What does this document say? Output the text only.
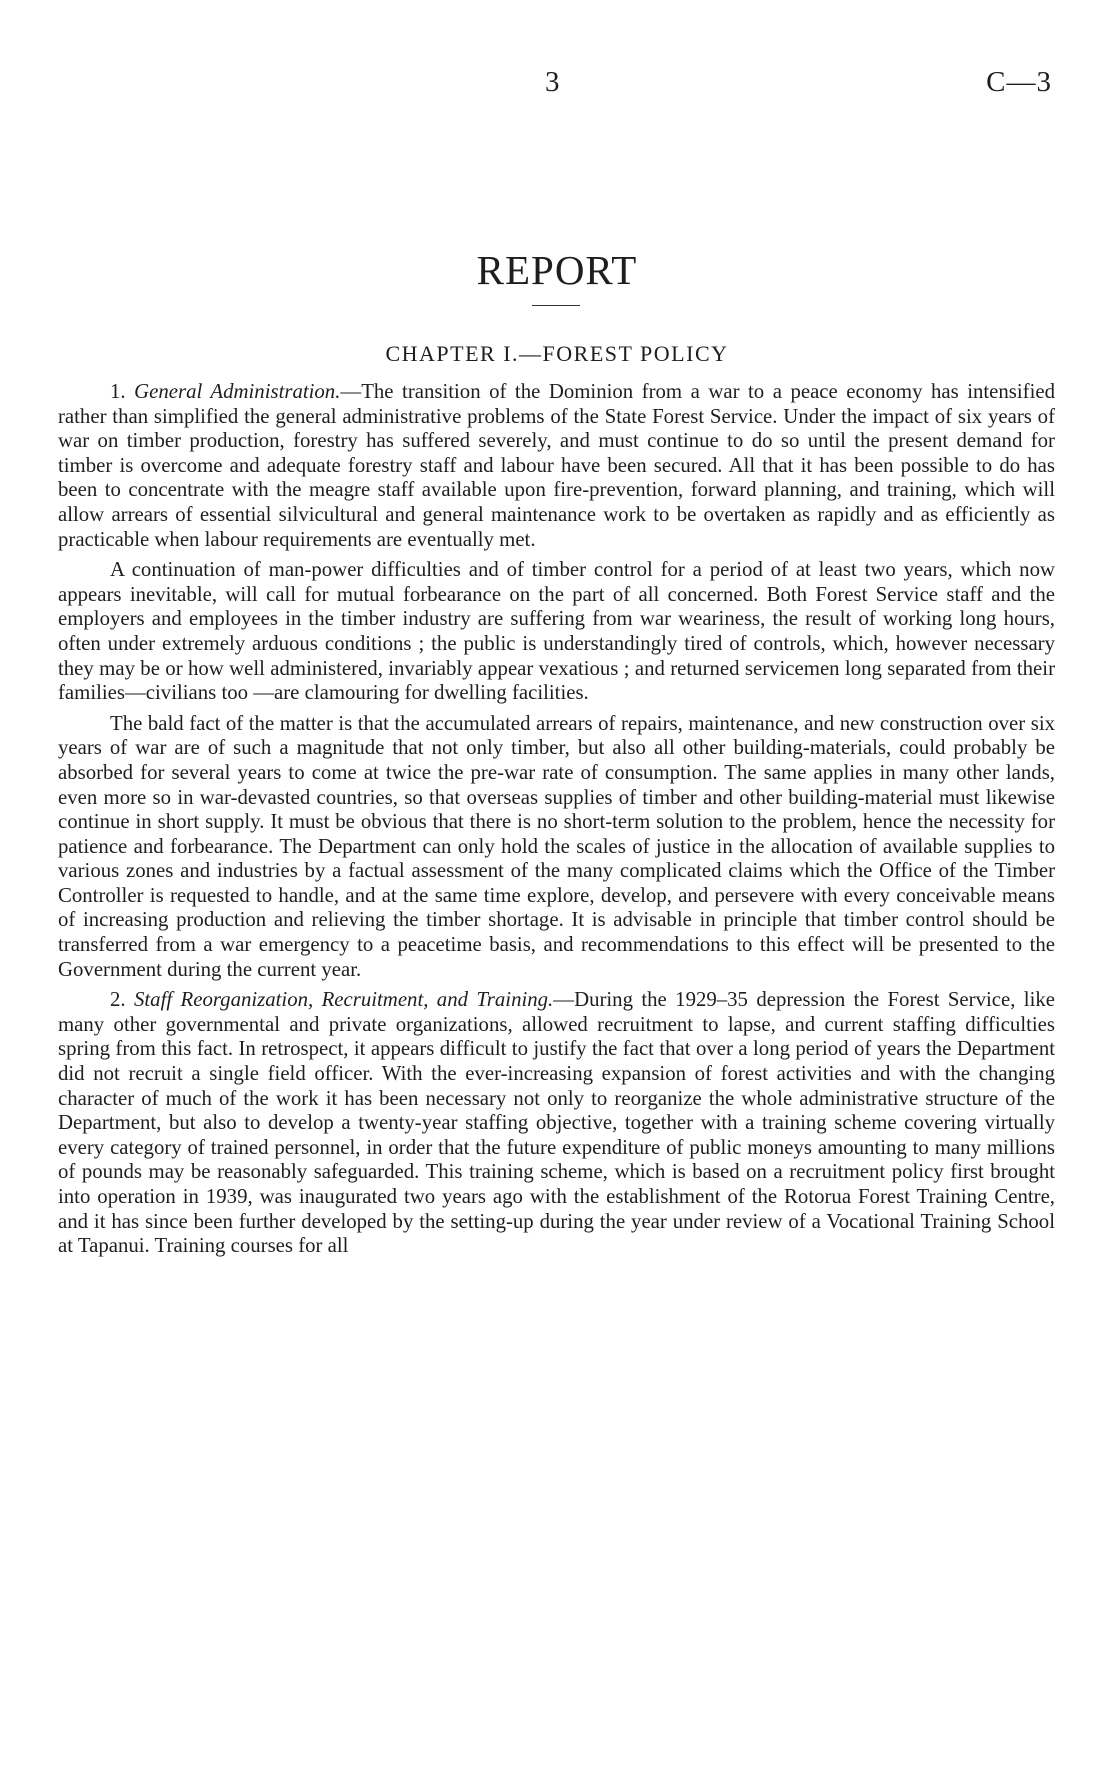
3	C—3
REPORT
CHAPTER I.—FOREST POLICY

1. General Administration.—The transition of the Dominion from a war to a peace economy has intensified rather than simplified the general administrative problems of the State Forest Service. Under the impact of six years of war on timber production, forestry has suffered severely, and must continue to do so until the present demand for timber is overcome and adequate forestry staff and labour have been secured. All that it has been possible to do has been to concentrate with the meagre staff available upon fire-prevention, forward planning, and training, which will allow arrears of essential silvicultural and general maintenance work to be overtaken as rapidly and as efficiently as practicable when labour requirements are eventually met.

A continuation of man-power difficulties and of timber control for a period of at least two years, which now appears inevitable, will call for mutual forbearance on the part of all concerned. Both Forest Service staff and the employers and employees in the timber industry are suffering from war weariness, the result of working long hours, often under extremely arduous conditions ; the public is understandingly tired of controls, which, however necessary they may be or how well administered, invariably appear vexatious ; and returned servicemen long separated from their families—civilians too —are clamouring for dwelling facilities.

The bald fact of the matter is that the accumulated arrears of repairs, maintenance, and new construction over six years of war are of such a magnitude that not only timber, but also all other building-materials, could probably be absorbed for several years to come at twice the pre-war rate of consumption. The same applies in many other lands, even more so in war-devasted countries, so that overseas supplies of timber and other building-material must likewise continue in short supply. It must be obvious that there is no short-term solution to the problem, hence the necessity for patience and forbearance. The Department can only hold the scales of justice in the allocation of available supplies to various zones and industries by a factual assessment of the many complicated claims which the Office of the Timber Controller is requested to handle, and at the same time explore, develop, and persevere with every conceivable means of increasing production and relieving the timber shortage. It is advisable in principle that timber control should be transferred from a war emergency to a peacetime basis, and recommendations to this effect will be presented to the Government during the current year.

2. Staff Reorganization, Recruitment, and Training.—During the 1929–35 depression the Forest Service, like many other governmental and private organizations, allowed recruitment to lapse, and current staffing difficulties spring from this fact. In retrospect, it appears difficult to justify the fact that over a long period of years the Department did not recruit a single field officer. With the ever-increasing expansion of forest activities and with the changing character of much of the work it has been necessary not only to reorganize the whole administrative structure of the Department, but also to develop a twenty-year staffing objective, together with a training scheme covering virtually every category of trained personnel, in order that the future expenditure of public moneys amounting to many millions of pounds may be reasonably safeguarded. This training scheme, which is based on a recruitment policy first brought into operation in 1939, was inaugurated two years ago with the establishment of the Rotorua Forest Training Centre, and it has since been further developed by the setting-up during the year under review of a Vocational Training School at Tapanui. Training courses for all
